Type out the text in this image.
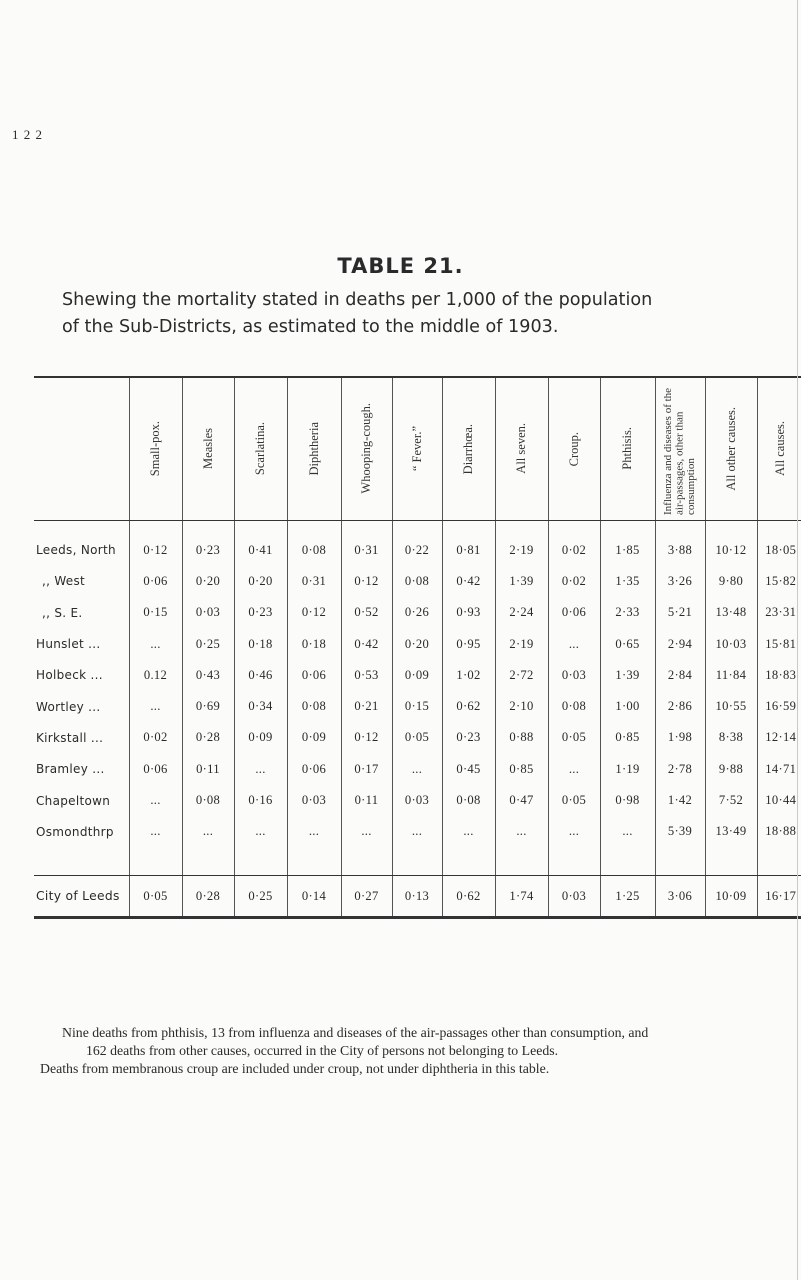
1 2 2
TABLE 21.
Shewing the mortality stated in deaths per 1,000 of the population

of the Sub-Districts, as estimated to the middle of 1903.

	Small-pox.	Measles	Scarlatina.	Diphtheria	Whooping-cough.	“ Fever.”	Diarrhœa.	All seven.	Croup.	Phthisis.	Influenza and diseases of the air-passages, other than consumption	All other causes.	All causes.

Leeds, North	0·12	0·23	0·41	0·08	0·31	0·22	0·81	2·19	0·02	1·85	3·88	10·12	18·05
,, West	0·06	0·20	0·20	0·31	0·12	0·08	0·42	1·39	0·02	1·35	3·26	9·80	15·82
,, S. E.	0·15	0·03	0·23	0·12	0·52	0·26	0·93	2·24	0·06	2·33	5·21	13·48	23·31
Hunslet ...	...	0·25	0·18	0·18	0·42	0·20	0·95	2·19	...	0·65	2·94	10·03	15·81
Holbeck ...	0.12	0·43	0·46	0·06	0·53	0·09	1·02	2·72	0·03	1·39	2·84	11·84	18·83
Wortley ...	...	0·69	0·34	0·08	0·21	0·15	0·62	2·10	0·08	1·00	2·86	10·55	16·59
Kirkstall ...	0·02	0·28	0·09	0·09	0·12	0·05	0·23	0·88	0·05	0·85	1·98	8·38	12·14
Bramley ...	0·06	0·11	...	0·06	0·17	...	0·45	0·85	...	1·19	2·78	9·88	14·71
Chapeltown	...	0·08	0·16	0·03	0·11	0·03	0·08	0·47	0·05	0·98	1·42	7·52	10·44
Osmondthrp	...	...	...	...	...	...	...	...	...	...	5·39	13·49	18·88

City of Leeds	0·05	0·28	0·25	0·14	0·27	0·13	0·62	1·74	0·03	1·25	3·06	10·09	16·17

Nine deaths from phthisis, 13 from influenza and diseases of the air-passages other than consumption, and

162 deaths from other causes, occurred in the City of persons not belonging to Leeds.

Deaths from membranous croup are included under croup, not under diphtheria in this table.
